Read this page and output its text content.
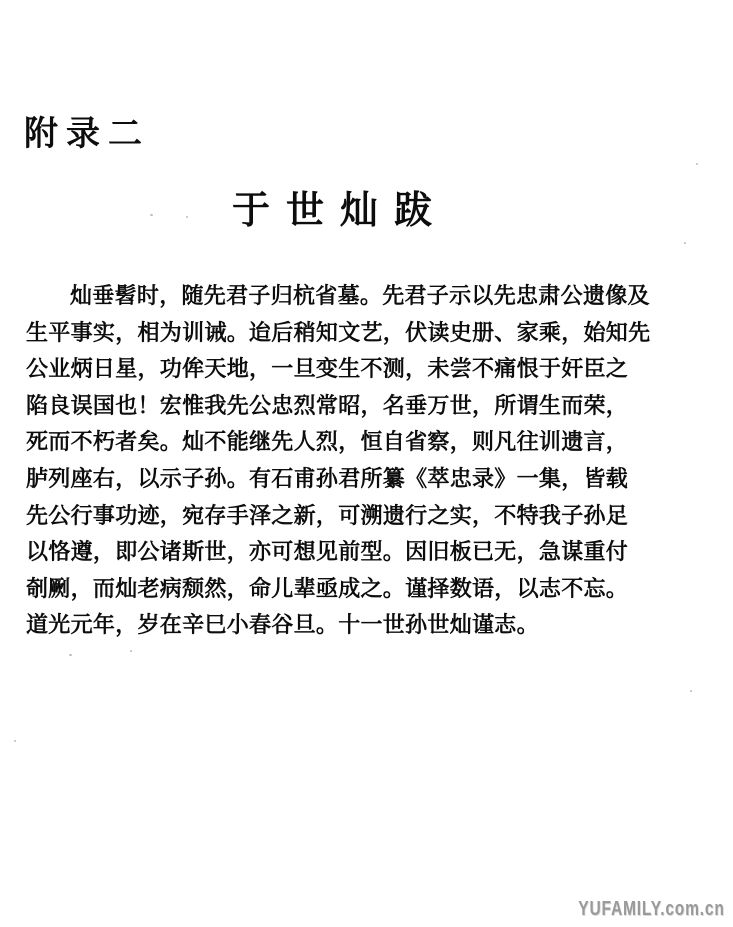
附录二
于世灿跋
灿垂髫时，随先君子归杭省墓。先君子示以先忠肃公遗像及
生平事实，相为训诫。迨后稍知文艺，伏读史册、家乘，始知先
公业炳日星，功侔天地，一旦变生不测，未尝不痛恨于奸臣之
陷良误国也！宏惟我先公忠烈常昭，名垂万世，所谓生而荣，
死而不朽者矣。灿不能继先人烈，恒自省察，则凡往训遗言，
胪列座右，以示子孙。有石甫孙君所纂《萃忠录》一集，皆载
先公行事功迹，宛存手泽之新，可溯遗行之实，不特我子孙足
以恪遵，即公诸斯世，亦可想见前型。因旧板已无，急谋重付
剞劂，而灿老病颓然，命儿辈亟成之。谨择数语，以志不忘。
道光元年，岁在辛巳小春谷旦。十一世孙世灿谨志。
YUFAMILY.com.cn
